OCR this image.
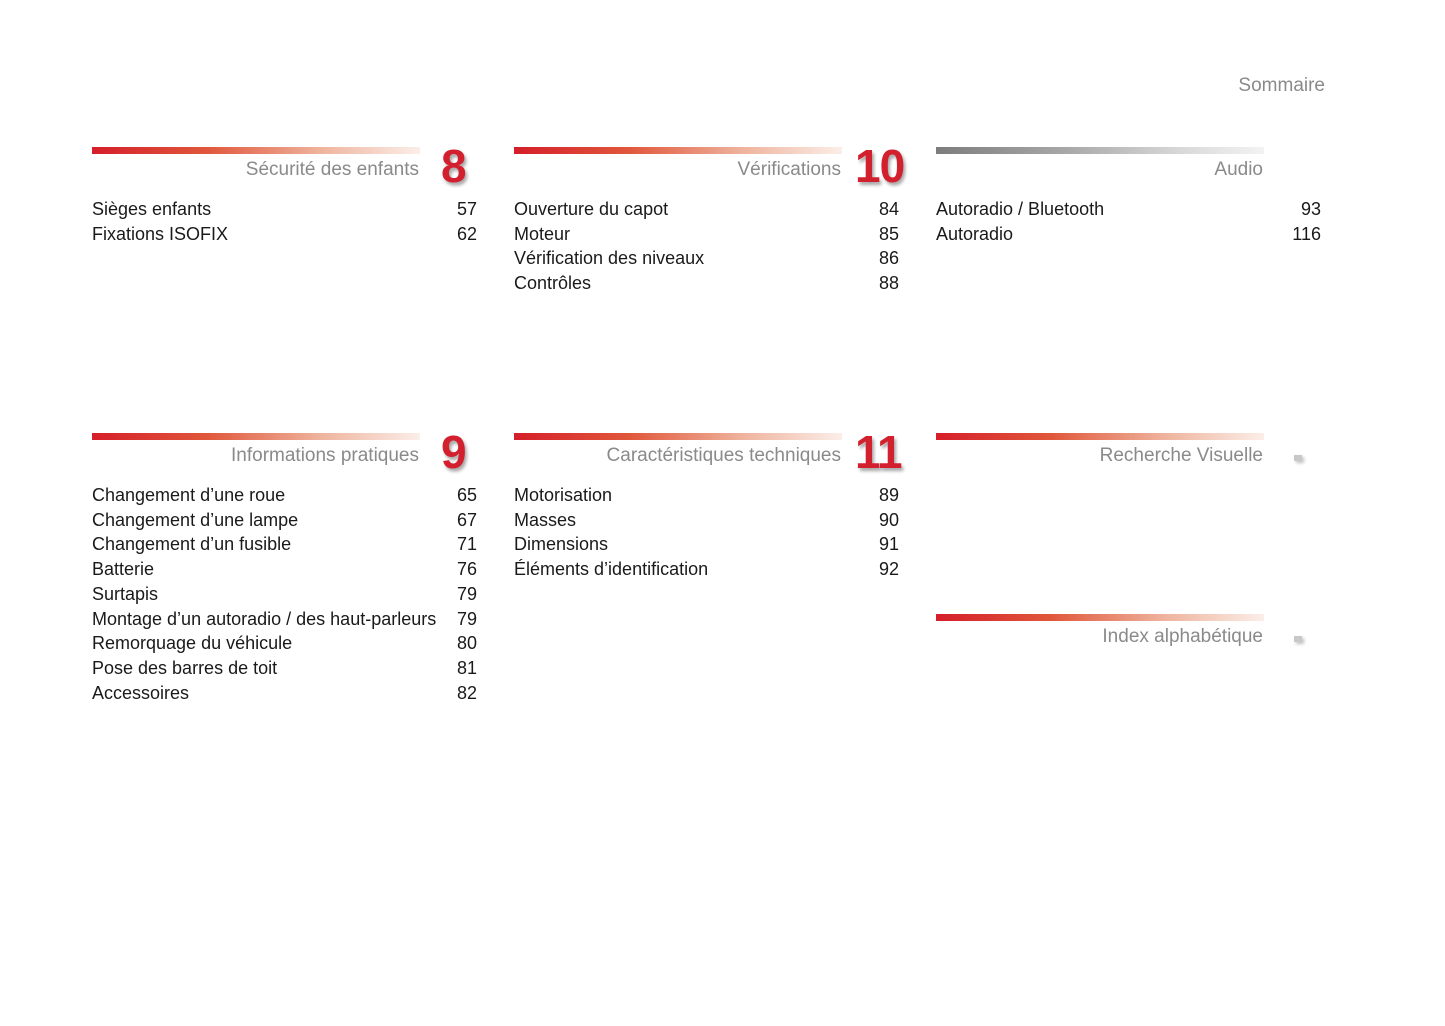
Sommaire
Sécurité des enfants 8
Sièges enfants	57
Fixations ISOFIX	62
Vérifications 10
Ouverture du capot	84
Moteur	85
Vérification des niveaux	86
Contrôles	88
Audio
Autoradio / Bluetooth	93
Autoradio	116
Informations pratiques 9
Changement d’une roue	65
Changement d’une lampe	67
Changement d’un fusible	71
Batterie	76
Surtapis	79
Montage d’un autoradio / des haut-parleurs 79
Remorquage du véhicule	80
Pose des barres de toit	81
Accessoires	82
Caractéristiques techniques 11
Motorisation	89
Masses	90
Dimensions	91
Éléments d’identification	92
Recherche Visuelle
Index alphabétique
